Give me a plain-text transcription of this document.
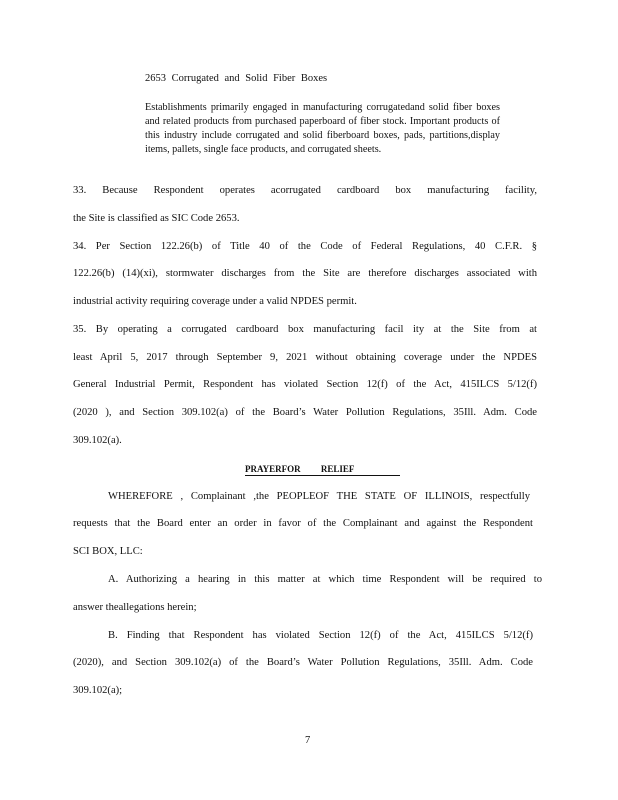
2653 Corrugated and Solid Fiber Boxes
Establishments primarily engaged in manufacturing corrugatedand solid fiber boxes and related products from purchased paperboard of fiber stock. Important products of this industry include corrugated and solid fiberboard boxes, pads, partitions,display items, pallets, single face products, and corrugated sheets.
33. Because Respondent operates acorrugated cardboard box manufacturing facility,
the Site is classified as SIC Code 2653.
34. Per Section 122.26(b) of Title 40 of the Code of Federal Regulations, 40 C.F.R. §
122.26(b) (14)(xi), stormwater discharges from the Site are therefore discharges associated with
industrial activity requiring coverage under a valid NPDES permit.
35. By operating a corrugated cardboard box manufacturing facil ity at the Site from at
least April 5, 2017 through September 9, 2021 without obtaining coverage under the NPDES
General Industrial Permit, Respondent has violated Section 12(f) of the Act, 415ILCS 5/12(f)
(2020 ), and Section 309.102(a) of the Board’s Water Pollution Regulations, 35Ill. Adm. Code
309.102(a).
PRAYERFOR RELIEF
WHEREFORE , Complainant ,the PEOPLEOF THE STATE OF ILLINOIS, respectfully
requests that the Board enter an order in favor of the Complainant and against the Respondent
SCI BOX, LLC:
A. Authorizing a hearing in this matter at which time Respondent will be required to
answer theallegations herein;
B. Finding that Respondent has violated Section 12(f) of the Act, 415ILCS 5/12(f)
(2020), and Section 309.102(a) of the Board’s Water Pollution Regulations, 35Ill. Adm. Code
309.102(a);
7
